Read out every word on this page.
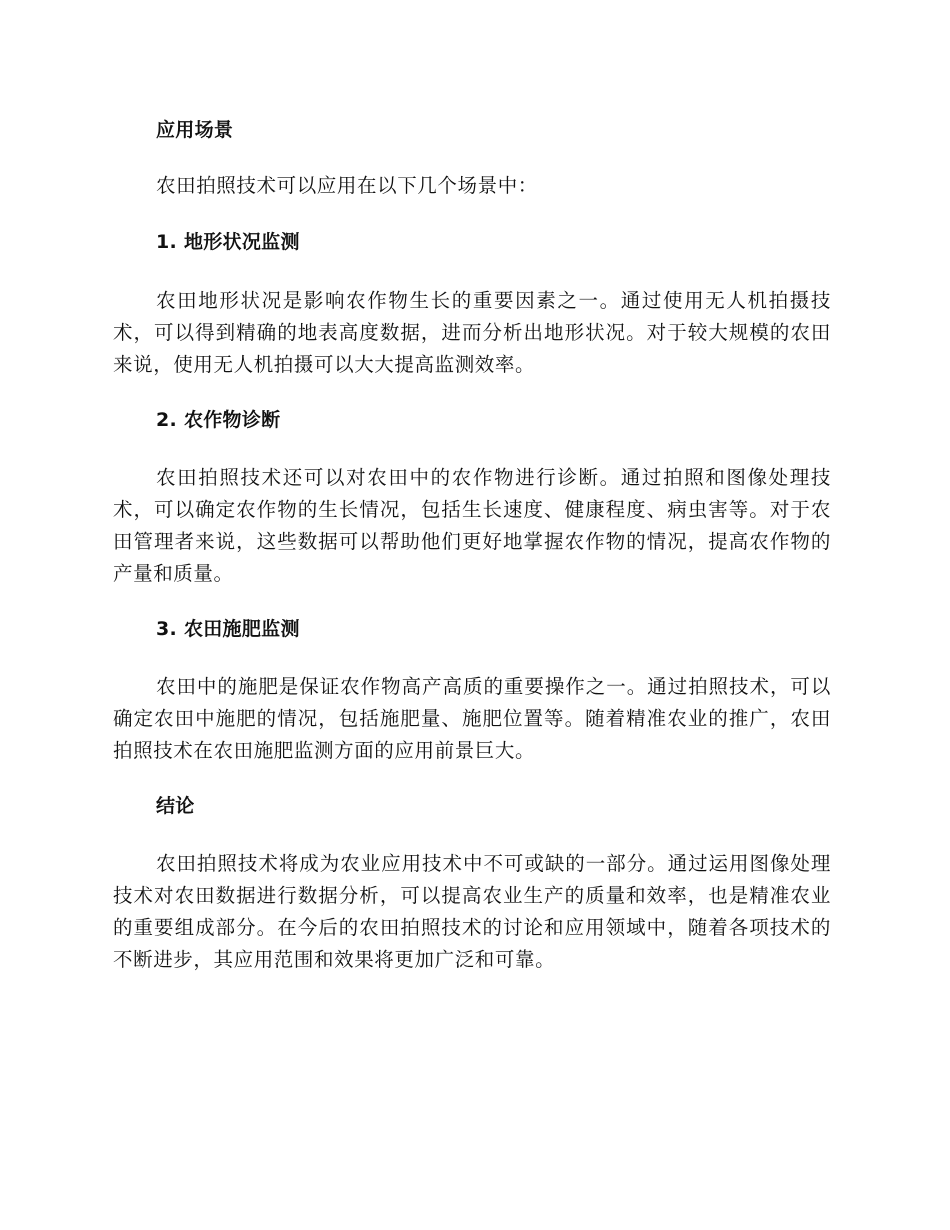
应用场景

农田拍照技术可以应用在以下几个场景中：

1. 地形状况监测

农田地形状况是影响农作物生长的重要因素之一。通过使用无人机拍摄技术，可以得到精确的地表高度数据，进而分析出地形状况。对于较大规模的农田来说，使用无人机拍摄可以大大提高监测效率。

2. 农作物诊断

农田拍照技术还可以对农田中的农作物进行诊断。通过拍照和图像处理技术，可以确定农作物的生长情况，包括生长速度、健康程度、病虫害等。对于农田管理者来说，这些数据可以帮助他们更好地掌握农作物的情况，提高农作物的产量和质量。

3. 农田施肥监测

农田中的施肥是保证农作物高产高质的重要操作之一。通过拍照技术，可以确定农田中施肥的情况，包括施肥量、施肥位置等。随着精准农业的推广，农田拍照技术在农田施肥监测方面的应用前景巨大。

结论

农田拍照技术将成为农业应用技术中不可或缺的一部分。通过运用图像处理技术对农田数据进行数据分析，可以提高农业生产的质量和效率，也是精准农业的重要组成部分。在今后的农田拍照技术的讨论和应用领域中，随着各项技术的不断进步，其应用范围和效果将更加广泛和可靠。
